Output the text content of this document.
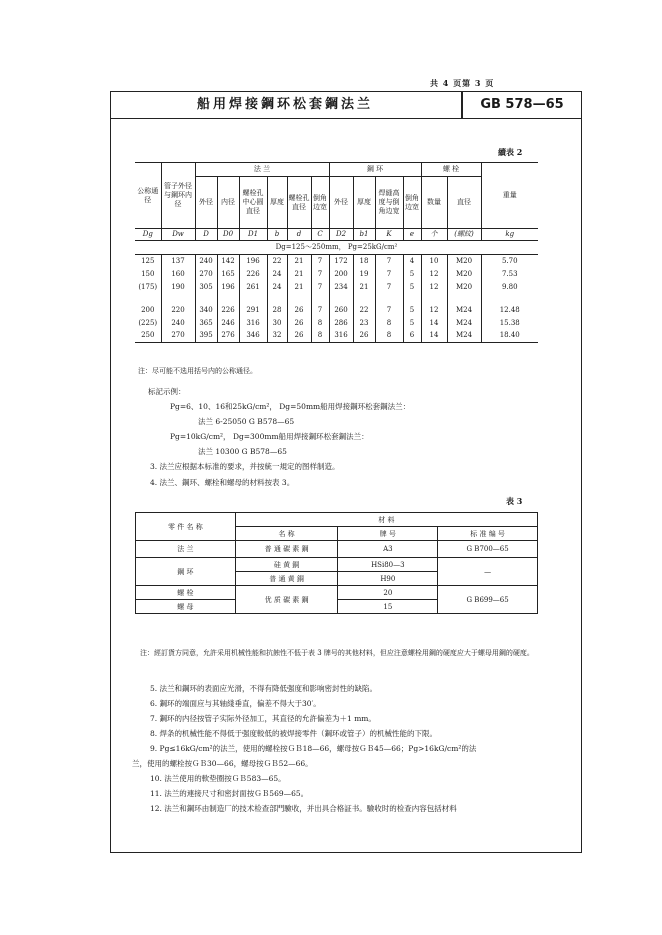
共 4 页第 3 页
船用焊接鋼环松套鋼法兰	GB 578—65
續表 2
公称通径	管子外径与鋼环内径	法 兰						鋼 环				螺 栓		重量
		外径	内径	螺栓孔中心圆直径	厚度	螺栓孔直径	倒角边宽	外径	厚度	焊縫高度与倒角边宽	倒角边宽	数量	直径	
Dg	Dw	D	D0	D1	b	d	C	D2	b1	K	e	个	(螺紋)	kg
Dg=125～250mm， Pg=25kG/cm²														
125	137	240	142	196	22	21	7	172	18	7	4	10	M20	5.70
150	160	270	165	226	24	21	7	200	19	7	5	12	M20	7.53
(175)	190	305	196	261	24	21	7	234	21	7	5	12	M20	9.80

200	220	340	226	291	28	26	7	260	22	7	5	12	M24	12.48
(225)	240	365	246	316	30	26	8	286	23	8	5	14	M24	15.38
250	270	395	276	346	32	26	8	316	26	8	6	14	M24	18.40
注：尽可能不选用括号内的公称通径。
标記示例：
Pg=6、10、16和25kG/cm²， Dg=50mm船用焊接鋼环松套鋼法兰：
法兰 6-25050 G B578—65
Pg=10kG/cm²， Dg=300mm船用焊接鋼环松套鋼法兰：
法兰 10300 G B578—65
3. 法兰应根据本标准的要求，并按統一規定的图样制造。
4. 法兰、鋼环、螺栓和螺母的材料按表 3。
表 3
零 件 名 称	材 料		
	名 称	牌 号	标 准 编 号
法 兰	普 通 碳 素 鋼	A3	G B700—65
鋼 环	硅 黄 銅	HSi80—3	—
	普 通 黄 銅	H90	
螺 栓	优 质 碳 素 鋼	20	G B699—65
螺 母		15	
注：經訂貨方同意，允許采用机械性能和抗蝕性不低于表 3 牌号的其他材料，但应注意螺栓用鋼的硬度应大于螺母用鋼的硬度。
5. 法兰和鋼环的表面应光滑，不得有降低强度和影响密封性的缺陷。
6. 鋼环的端面应与其轴綫垂直，偏差不得大于30′。
7. 鋼环的内径按管子实际外径加工，其直径的允許偏差为＋1 mm。
8. 焊条的机械性能不得低于强度較低的被焊接零件（鋼环或管子）的机械性能的下限。
9. Pg≤16kG/cm²的法兰，使用的螺栓按ＧＢ18—66，螺母按ＧＢ45—66；Pg>16kG/cm²的法
兰，使用的螺栓按ＧＢ30—66，螺母按ＧＢ52—66。
10. 法兰使用的軟垫圈按ＧＢ583—65。
11. 法兰的連接尺寸和密封面按ＧＢ569—65。
12. 法兰和鋼环由制造厂的技术检查部門驗收，并出具合格証书。驗收时的检查内容包括材料
